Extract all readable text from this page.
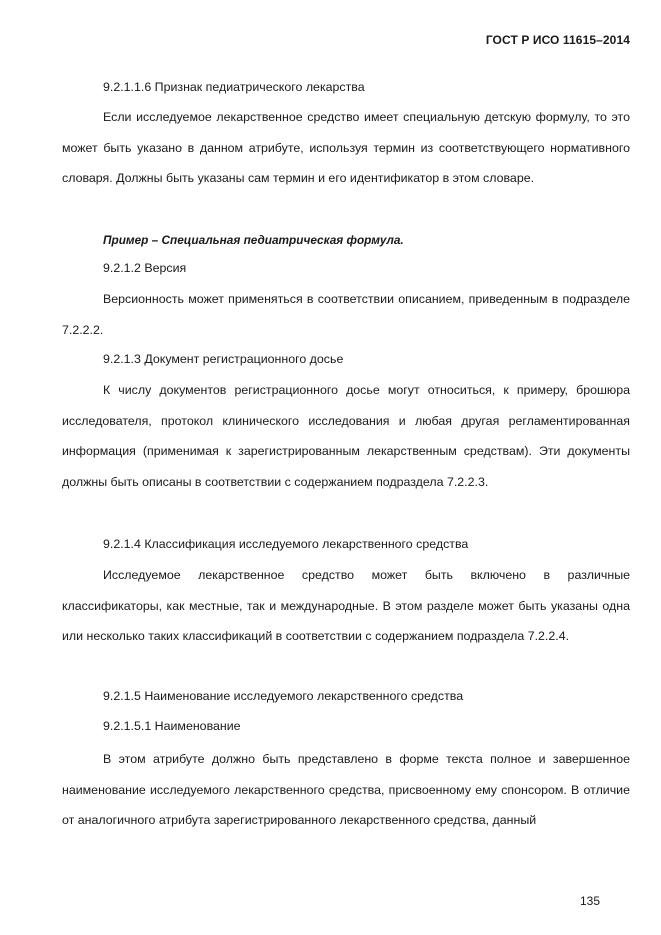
ГОСТ Р ИСО 11615–2014
9.2.1.1.6 Признак педиатрического лекарства
Если исследуемое лекарственное средство имеет специальную детскую формулу, то это может быть указано в данном атрибуте, используя термин из соответствующего нормативного словаря. Должны быть указаны сам термин и его идентификатор в этом словаре.
Пример – Специальная педиатрическая формула.
9.2.1.2 Версия
Версионность может применяться в соответствии описанием, приведенным в подразделе 7.2.2.2.
9.2.1.3 Документ регистрационного досье
К числу документов регистрационного досье могут относиться, к примеру, брошюра исследователя, протокол клинического исследования и любая другая регламентированная информация (применимая к зарегистрированным лекарственным средствам). Эти документы должны быть описаны в соответствии с содержанием подраздела 7.2.2.3.
9.2.1.4 Классификация исследуемого лекарственного средства
Исследуемое лекарственное средство может быть включено в различные классификаторы, как местные, так и международные. В этом разделе может быть указаны одна или несколько таких классификаций в соответствии с содержанием подраздела 7.2.2.4.
9.2.1.5 Наименование исследуемого лекарственного средства
9.2.1.5.1 Наименование
В этом атрибуте должно быть представлено в форме текста полное и завершенное наименование исследуемого лекарственного средства, присвоенному ему спонсором. В отличие от аналогичного атрибута зарегистрированного лекарственного средства, данный
135
